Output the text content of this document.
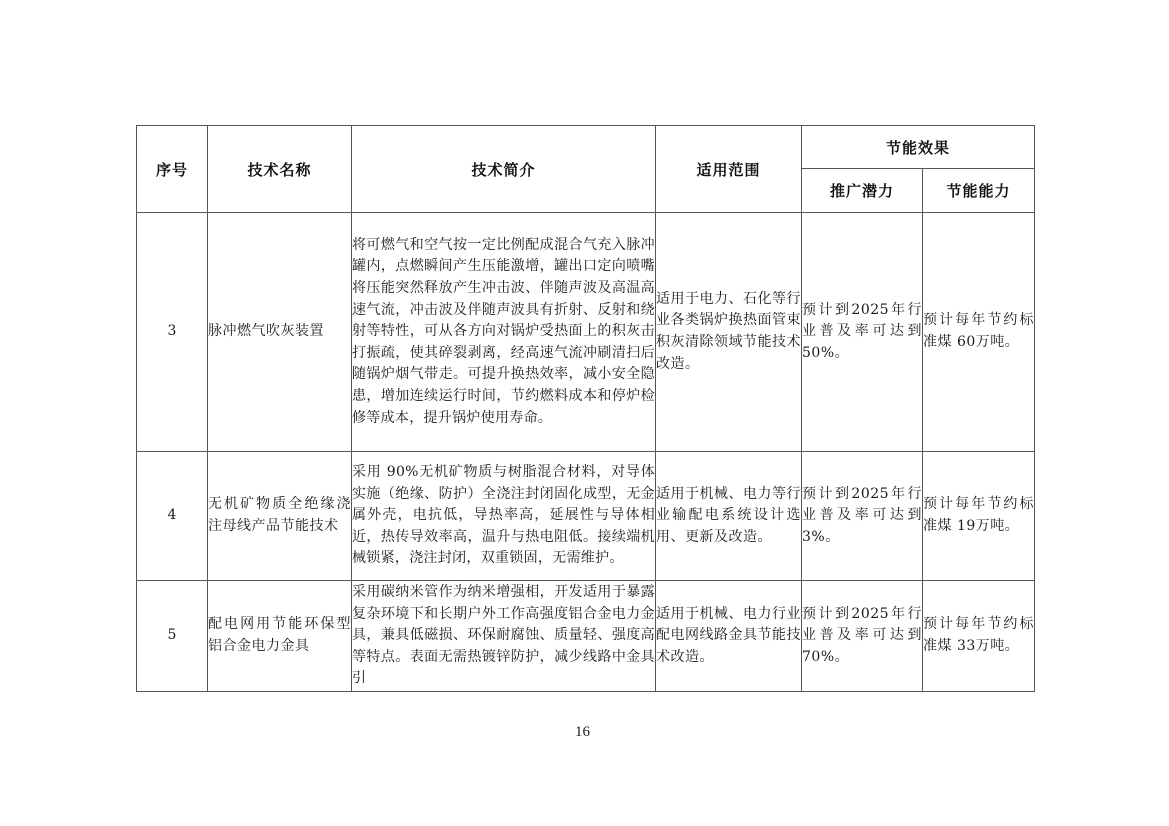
序号	技术名称	技术简介	适用范围	节能效果	
				推广潜力	节能能力
3	脉冲燃气吹灰装置	将可燃气和空气按一定比例配成混合气充入脉冲罐内，点燃瞬间产生压能激增，罐出口定向喷嘴将压能突然释放产生冲击波、伴随声波及高温高速气流，冲击波及伴随声波具有折射、反射和绕射等特性，可从各方向对锅炉受热面上的积灰击打振疏，使其碎裂剥离，经高速气流冲刷清扫后随锅炉烟气带走。可提升换热效率，减小安全隐患，增加连续运行时间，节约燃料成本和停炉检修等成本，提升锅炉使用寿命。	适用于电力、石化等行业各类锅炉换热面管束积灰清除领域节能技术改造。	预计到2025年行业普及率可达到50%。	预计每年节约标准煤 60万吨。
4	无机矿物质全绝缘浇注母线产品节能技术	采用 90%无机矿物质与树脂混合材料，对导体实施（绝缘、防护）全浇注封闭固化成型，无金属外壳，电抗低，导热率高，延展性与导体相近，热传导效率高，温升与热电阻低。接续端机械锁紧，浇注封闭，双重锁固，无需维护。	适用于机械、电力等行业输配电系统设计选用、更新及改造。	预计到2025年行业普及率可达到3%。	预计每年节约标准煤 19万吨。
5	配电网用节能环保型铝合金电力金具	采用碳纳米管作为纳米增强相，开发适用于暴露复杂环境下和长期户外工作高强度铝合金电力金具，兼具低磁损、环保耐腐蚀、质量轻、强度高等特点。表面无需热镀锌防护，减少线路中金具引	适用于机械、电力行业配电网线路金具节能技术改造。	预计到2025年行业普及率可达到70%。	预计每年节约标准煤 33万吨。
16
